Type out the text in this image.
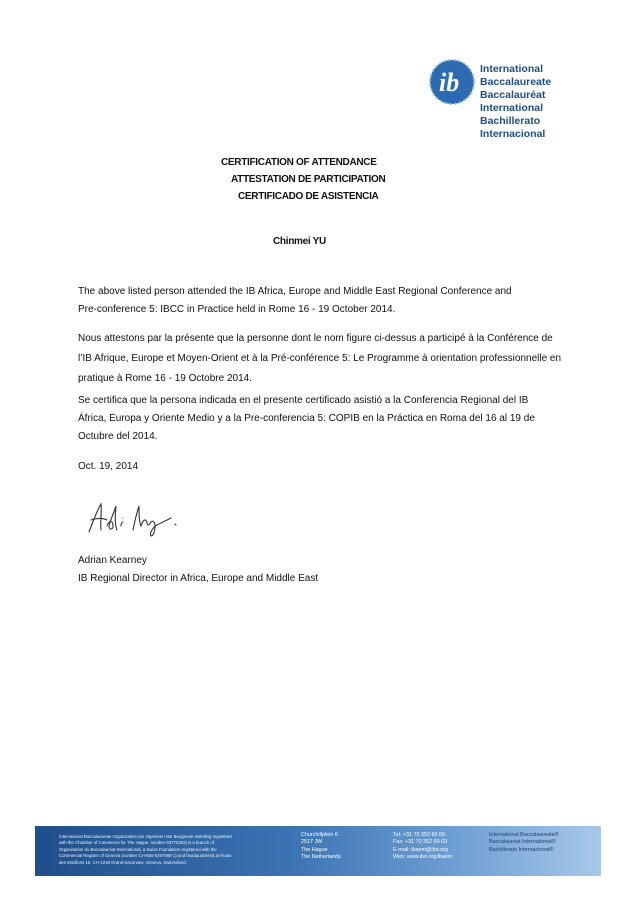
ib International Baccalaureate
Baccalauréat International
Bachillerato Internacional
CERTIFICATION OF ATTENDANCE
ATTESTATION DE PARTICIPATION
CERTIFICADO DE ASISTENCIA
Chinmei YU
The above listed person attended the IB Africa, Europe and Middle East Regional Conference and
Pre-conference 5: IBCC in Practice held in Rome 16 - 19 October 2014.
Nous attestons par la présente que la personne dont le nom figure ci-dessus a participé à la Conférence de
l’IB Afrique, Europe et Moyen-Orient et à la Pré-conférence 5: Le Programme à orientation professionnelle en
pratique à Rome 16 - 19 Octobre 2014.
Se certifica que la persona indicada en el presente certificado asistió a la Conferencia Regional del IB
África, Europa y Oriente Medio y a la Pre-conferencia 5: COPIB en la Práctica en Roma del 16 al 19 de
Octubre del 2014.
Oct. 19, 2014
Adrian Kearney
IB Regional Director in Africa, Europe and Middle East
International Baccalaureate Organization (an Algemeen Nut Beogende Instelling registered
with the Chamber of Commerce for The Hague, number 50776253) is a branch of
Organisation du Baccalauréat International, a Swiss Foundation registered with the
Commercial Register of Geneva (number CH-660-0297968-1) and headquartered at Route
des Morillons 15, CH-1218 Grand-Saconnex, Geneva, Switzerland.
Churchillplein 6
2517 JW
The Hague
The Netherlands
Tel: +31 70 352 60 00
Fax: +31 70 352 60 03
E-mail: ibaem@ibo.org
Web: www.ibo.org/ibaem
International Baccalaureate®
Baccalauréat International®
Bachillerato Internacional®
